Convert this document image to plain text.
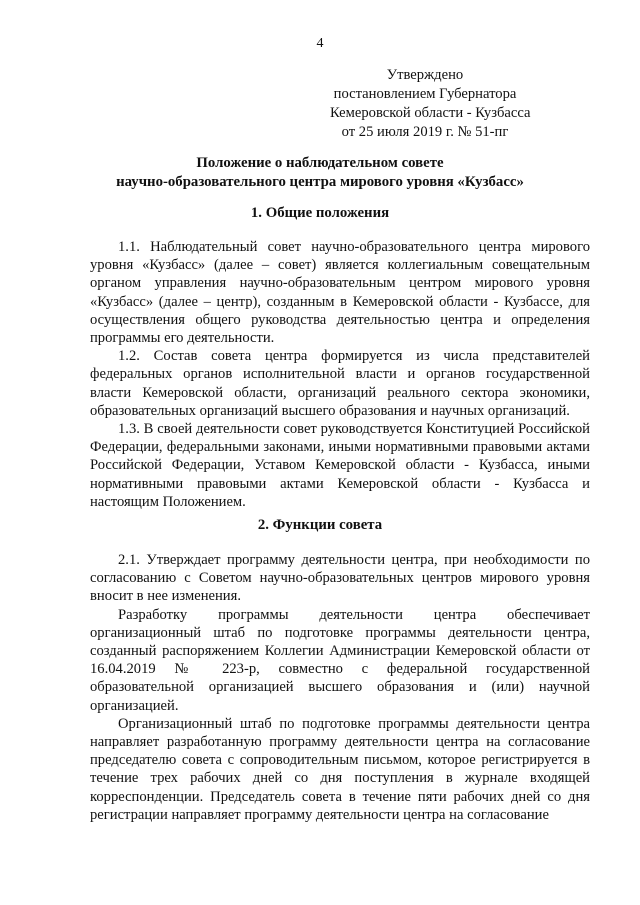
4
Утверждено
постановлением Губернатора
Кемеровской области - Кузбасса
от 25 июля 2019 г. № 51-пг
Положение о наблюдательном совете
научно-образовательного центра мирового уровня «Кузбасс»
1. Общие положения

1.1. Наблюдательный совет научно-образовательного центра мирового уровня «Кузбасс» (далее – совет) является коллегиальным совещательным органом управления научно-образовательным центром мирового уровня «Кузбасс» (далее – центр), созданным в Кемеровской области - Кузбассе, для осуществления общего руководства деятельностью центра и определения программы его деятельности.

1.2. Состав совета центра формируется из числа представителей федеральных органов исполнительной власти и органов государственной власти Кемеровской области, организаций реального сектора экономики, образовательных организаций высшего образования и научных организаций.

1.3. В своей деятельности совет руководствуется Конституцией Российской Федерации, федеральными законами, иными нормативными правовыми актами Российской Федерации, Уставом Кемеровской области - Кузбасса, иными нормативными правовыми актами Кемеровской области - Кузбасса и настоящим Положением.

2. Функции совета

2.1. Утверждает программу деятельности центра, при необходимости по согласованию с Советом научно-образовательных центров мирового уровня вносит в нее изменения.

Разработку программы деятельности центра обеспечивает организационный штаб по подготовке программы деятельности центра, созданный распоряжением Коллегии Администрации Кемеровской области от 16.04.2019 № 223-р, совместно с федеральной государственной образовательной организацией высшего образования и (или) научной организацией.

Организационный штаб по подготовке программы деятельности центра направляет разработанную программу деятельности центра на согласование председателю совета с сопроводительным письмом, которое регистрируется в течение трех рабочих дней со дня поступления в журнале входящей корреспонденции. Председатель совета в течение пяти рабочих дней со дня регистрации направляет программу деятельности центра на согласование
